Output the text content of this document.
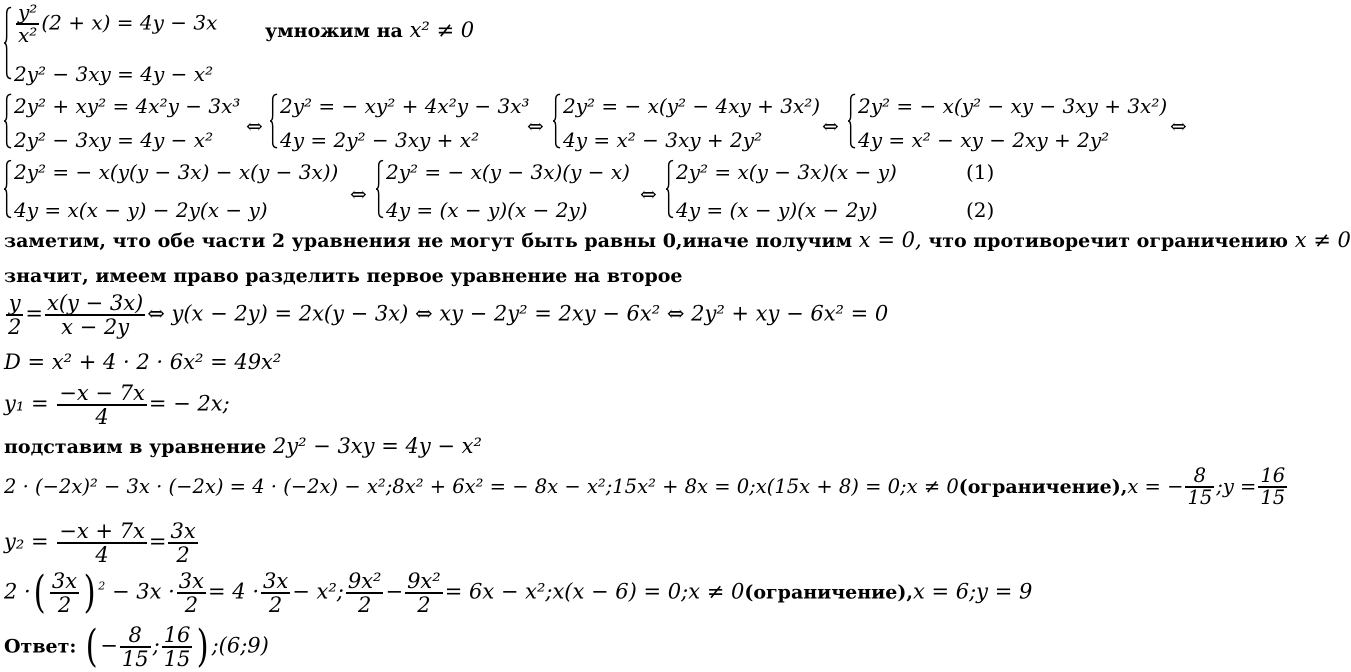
$\frac{\text{y²}}{\text{x²}} (2 + x) = 4y - 3x$
2y² − 3xy = 4y − x²
умножим на x² ≠ 0
2y² + xy² = 4x²y − 3x³
2y² − 3xy = 4y − x²
⇔
2y² = − xy² + 4x²y − 3x³
4y = 2y² − 3xy + x²
⇔
2y² = − x(y² − 4xy + 3x²)
4y = x² − 3xy + 2y²
⇔
2y² = − x(y² − xy − 3xy + 3x²)
4y = x² − xy − 2xy + 2y²
⇔
2y² = − x(y(y − 3x) − x(y − 3x))
4y = x(x − y) − 2y(x − y)
⇔
2y² = − x(y − 3x)(y − x)
4y = (x − y)(x − 2y)
⇔
2y² = x(y − 3x)(x − y)
4y = (x − y)(x − 2y)
(1)
(2)
заметим, что обе части 2 уравнения не могут быть равны 0,иначе получим x = 0, что противоречит ограничению x ≠ 0
значит, имеем право разделить первое уравнение на второе
$\frac{y}{2} = \frac{x(y - 3x)}{x - 2y}$ ⇔ y(x − 2y) = 2x(y − 3x) ⇔ xy − 2y² = 2xy − 6x² ⇔ 2y² + xy − 6x² = 0
D = x² + 4 · 2 · 6x² = 49x²
$y_1 = \frac{-x - 7x}{4}$ = − 2x;
подставим в уравнение 2y² − 3xy = 4y − x²
2 · (−2x)² − 3x · (−2x) = 4 · (−2x) − x²;8x² + 6x² = − 8x − x²;15x² + 8x = 0;x(15x + 8) = 0;x ≠ 0(ограничение),x = − $\frac{8}{15}$ ;y = $\frac{16}{15}$
$y_2 = \frac{-x + 7x}{4} = \frac{3x}{2}$
2 ·( $\frac{3x}{2}$ ) $^2 - 3x \cdot \frac{3x}{2} = 4 \cdot \frac{3x}{2} - x^2$; $\frac{\text{9x²}}{2} - \frac{\text{9x²}}{2} = 6x$ − x²;x(x − 6) = 0;x ≠ 0(ограничение),x = 6;y = 9
Ответ: ( − $\frac{8}{15}$ ; $\frac{16}{15}$ ) ;(6;9)
